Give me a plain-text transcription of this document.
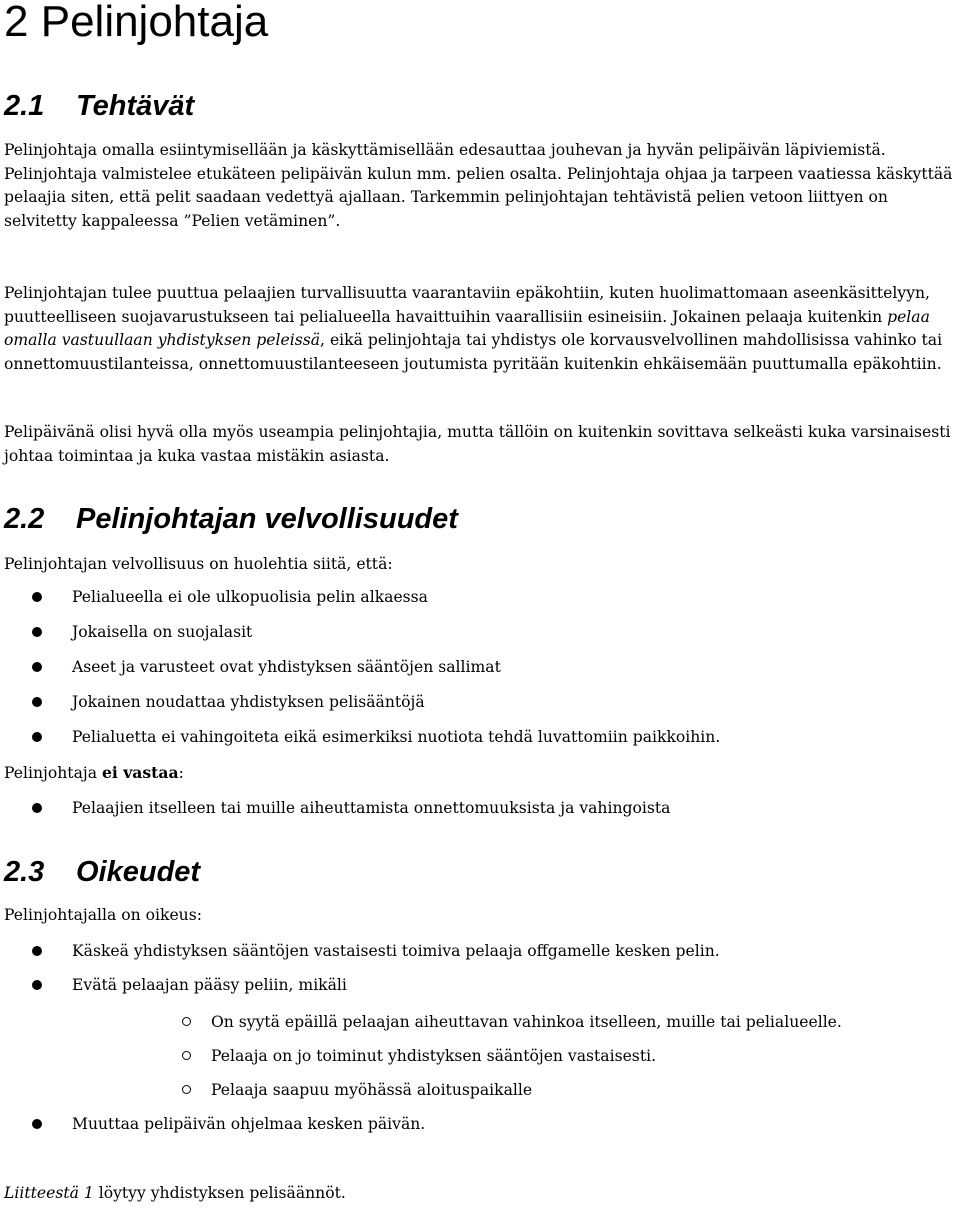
2 Pelinjohtaja
2.1 Tehtävät

Pelinjohtaja omalla esiintymisellään ja käskyttämisellään edesauttaa jouhevan ja hyvän pelipäivän läpiviemistä. Pelinjohtaja valmistelee etukäteen pelipäivän kulun mm. pelien osalta. Pelinjohtaja ohjaa ja tarpeen vaatiessa käskyttää pelaajia siten, että pelit saadaan vedettyä ajallaan. Tarkemmin pelinjohtajan tehtävistä pelien vetoon liittyen on selvitetty kappaleessa ”Pelien vetäminen”.

Pelinjohtajan tulee puuttua pelaajien turvallisuutta vaarantaviin epäkohtiin, kuten huolimattomaan aseenkäsittelyyn, puutteelliseen suojavarustukseen tai pelialueella havaittuihin vaarallisiin esineisiin. Jokainen pelaaja kuitenkin pelaa omalla vastuullaan yhdistyksen peleissä, eikä pelinjohtaja tai yhdistys ole korvausvelvollinen mahdollisissa vahinko tai onnettomuustilanteissa, onnettomuustilanteeseen joutumista pyritään kuitenkin ehkäisemään puuttumalla epäkohtiin.

Pelipäivänä olisi hyvä olla myös useampia pelinjohtajia, mutta tällöin on kuitenkin sovittava selkeästi kuka varsinaisesti johtaa toimintaa ja kuka vastaa mistäkin asiasta.

2.2 Pelinjohtajan velvollisuudet

Pelinjohtajan velvollisuus on huolehtia siitä, että:

Pelialueella ei ole ulkopuolisia pelin alkaessa
Jokaisella on suojalasit
Aseet ja varusteet ovat yhdistyksen sääntöjen sallimat
Jokainen noudattaa yhdistyksen pelisääntöjä
Pelialuetta ei vahingoiteta eikä esimerkiksi nuotiota tehdä luvattomiin paikkoihin.

Pelinjohtaja ei vastaa:

Pelaajien itselleen tai muille aiheuttamista onnettomuuksista ja vahingoista
2.3 Oikeudet

Pelinjohtajalla on oikeus:

Käskeä yhdistyksen sääntöjen vastaisesti toimiva pelaaja offgamelle kesken pelin.
Evätä pelaajan pääsy peliin, mikäli
On syytä epäillä pelaajan aiheuttavan vahinkoa itselleen, muille tai pelialueelle.
Pelaaja on jo toiminut yhdistyksen sääntöjen vastaisesti.
Pelaaja saapuu myöhässä aloituspaikalle
Muuttaa pelipäivän ohjelmaa kesken päivän.

Liitteestä 1 löytyy yhdistyksen pelisäännöt.
